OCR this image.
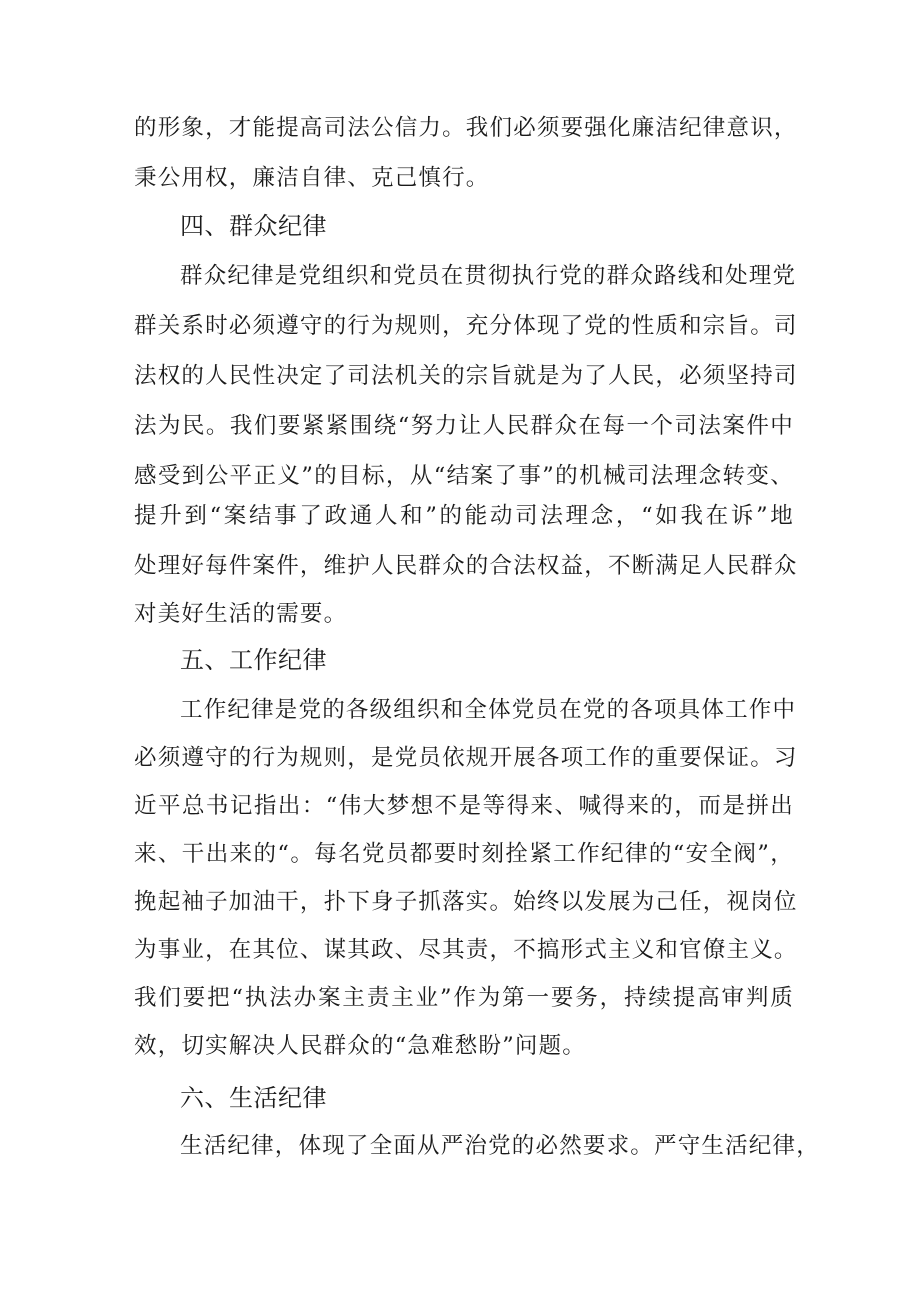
的形象，才能提高司法公信力。我们必须要强化廉洁纪律意识，
秉公用权，廉洁自律、克己慎行。
四、群众纪律
群众纪律是党组织和党员在贯彻执行党的群众路线和处理党
群关系时必须遵守的行为规则，充分体现了党的性质和宗旨。司
法权的人民性决定了司法机关的宗旨就是为了人民，必须坚持司
法为民。我们要紧紧围绕“努力让人民群众在每一个司法案件中
感受到公平正义”的目标，从“结案了事”的机械司法理念转变、
提升到“案结事了政通人和”的能动司法理念，“如我在诉”地
处理好每件案件，维护人民群众的合法权益，不断满足人民群众
对美好生活的需要。
五、工作纪律
工作纪律是党的各级组织和全体党员在党的各项具体工作中
必须遵守的行为规则，是党员依规开展各项工作的重要保证。习
近平总书记指出：“伟大梦想不是等得来、喊得来的，而是拼出
来、干出来的“。每名党员都要时刻拴紧工作纪律的“安全阀”，
挽起袖子加油干，扑下身子抓落实。始终以发展为己任，视岗位
为事业，在其位、谋其政、尽其责，不搞形式主义和官僚主义。
我们要把“执法办案主责主业”作为第一要务，持续提高审判质
效，切实解决人民群众的“急难愁盼”问题。
六、生活纪律
生活纪律，体现了全面从严治党的必然要求。严守生活纪律，
